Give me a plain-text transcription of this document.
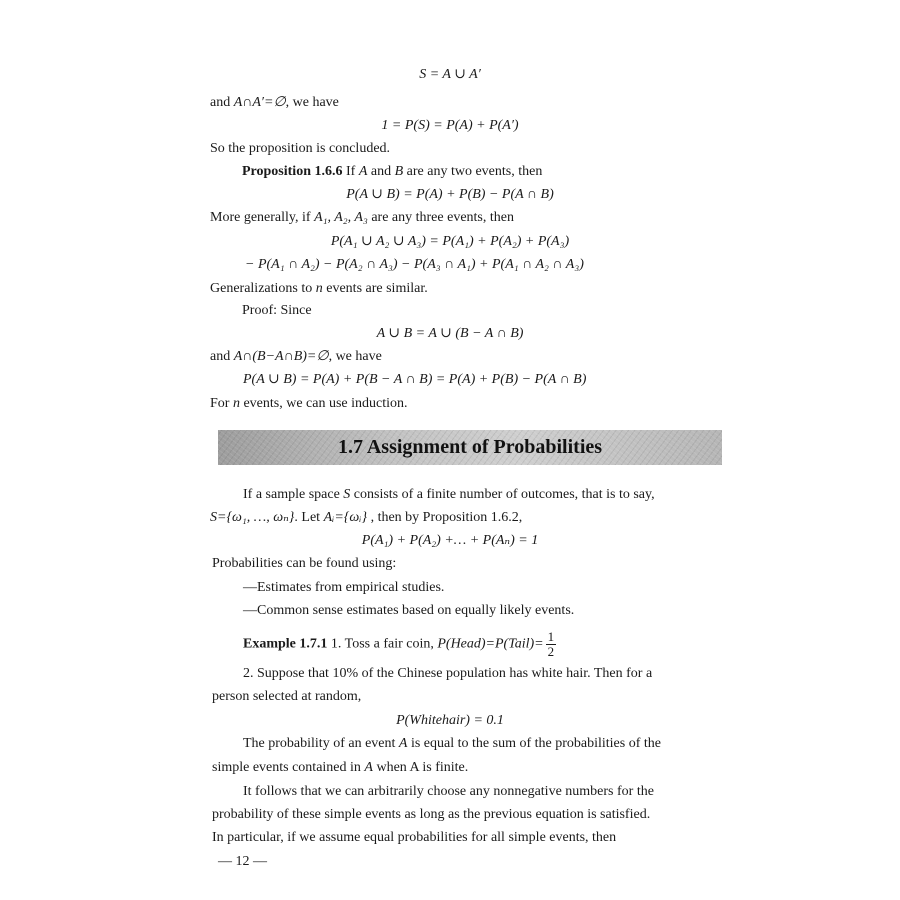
S = A ∪ A′
and A∩A′=∅, we have
1 = P(S) = P(A) + P(A′)
So the proposition is concluded.
Proposition 1.6.6 If A and B are any two events, then
P(A ∪ B) = P(A) + P(B) − P(A ∩ B)
More generally, if A₁, A₂, A₃ are any three events, then
P(A₁ ∪ A₂ ∪ A₃) = P(A₁) + P(A₂) + P(A₃)
− P(A₁ ∩ A₂) − P(A₂ ∩ A₃) − P(A₃ ∩ A₁) + P(A₁ ∩ A₂ ∩ A₃)
Generalizations to n events are similar.
Proof: Since
A ∪ B = A ∪ (B − A ∩ B)
and A∩(B−A∩B)=∅, we have
P(A ∪ B) = P(A) + P(B − A ∩ B) = P(A) + P(B) − P(A ∩ B)
For n events, we can use induction.
1.7 Assignment of Probabilities
If a sample space S consists of a finite number of outcomes, that is to say,
S={ω₁, …, ωₙ}. Let Aᵢ={ωᵢ} , then by Proposition 1.6.2,
P(A₁) + P(A₂) +… + P(Aₙ) = 1
Probabilities can be found using:
—Estimates from empirical studies.
—Common sense estimates based on equally likely events.
Example 1.7.1 1. Toss a fair coin, P(Head)=P(Tail)= $\frac{1}{2}$
2. Suppose that 10% of the Chinese population has white hair. Then for a
person selected at random,
P(Whitehair) = 0.1
The probability of an event A is equal to the sum of the probabilities of the
simple events contained in A when A is finite.
It follows that we can arbitrarily choose any nonnegative numbers for the
probability of these simple events as long as the previous equation is satisfied.
In particular, if we assume equal probabilities for all simple events, then
— 12 —
